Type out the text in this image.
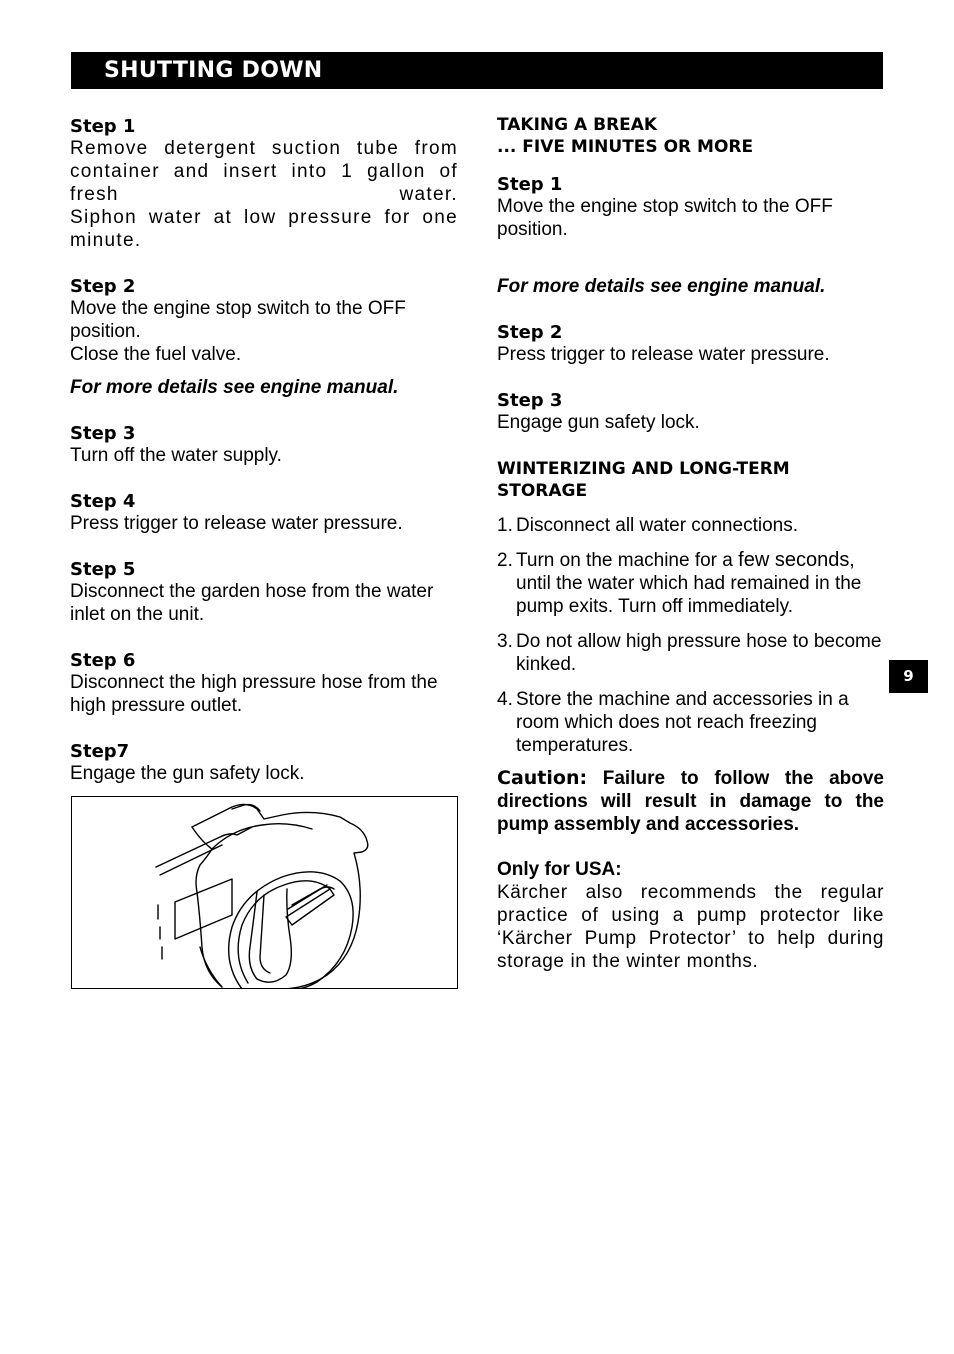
SHUTTING DOWN
Step 1
Remove detergent suction tube from container and insert into 1 gallon of fresh water.
Siphon water at low pressure for one minute.
Step 2
Move the engine stop switch to the OFF position.
Close the fuel valve.
For more details see engine manual.
Step 3
Turn off the water supply.
Step 4
Press trigger to release water pressure.
Step 5
Disconnect the garden hose from the water inlet on the unit.
Step 6
Disconnect the high pressure hose from the high pressure outlet.
Step7
Engage the gun safety lock.
TAKING A BREAK
... FIVE MINUTES OR MORE
Step 1
Move the engine stop switch to the OFF position.
For more details see engine manual.
Step 2
Press trigger to release water pressure.
Step 3
Engage gun safety lock.
WINTERIZING AND LONG-TERM
STORAGE
1. Disconnect all water connections.
2. Turn on the machine for a few seconds, until the water which had remained in the pump exits. Turn off immediately.
3. Do not allow high pressure hose to become kinked.
4. Store the machine and accessories in a room which does not reach freezing temperatures.
Caution: Failure to follow the above directions will result in damage to the pump assembly and accessories.
Only for USA:
Kärcher also recommends the regular practice of using a pump protector like ‘Kärcher Pump Protector’ to help during storage in the winter months.
9
